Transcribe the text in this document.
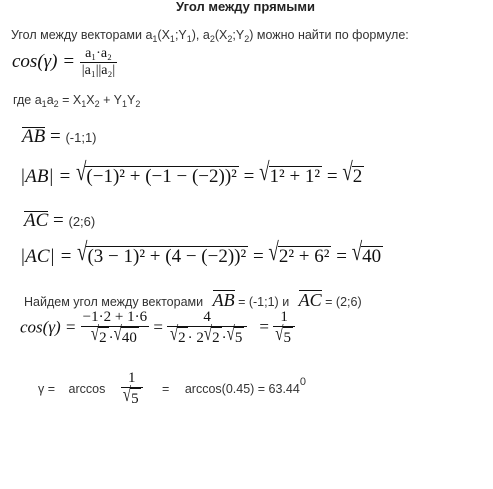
Угол между прямыми
Угол между векторами $a_1(X_1;Y_1)$, $a_2(X_2;Y_2)$ можно найти по формуле:
$\cos(\gamma) = \frac{\text{a₁·a₂}}{\text{|a₁||a₂|}}$
где $a_1a_2 = X_1X_2 + Y_1Y_2$
AB = (-1;1)
|AB| = √(−1)² + (−1 − (−2))² = √1² + 1² = √2
AC = (2;6)
|AC| = √(3 − 1)² + (4 − (−2))² = √2² + 6² = √40
Найдем угол между векторами AB = (-1;1) и AC = (2;6)
$\cos(\gamma) = \frac{-1\cdot 2 + 1\cdot 6}{√2 \cdot√40} = \frac{4}{√2 \cdot 2√2 \cdot√5} = \frac{1}{√5}$
$\gamma = \arccos \frac{1}{√5} = \arccos(0.45) = 63.44^0$
